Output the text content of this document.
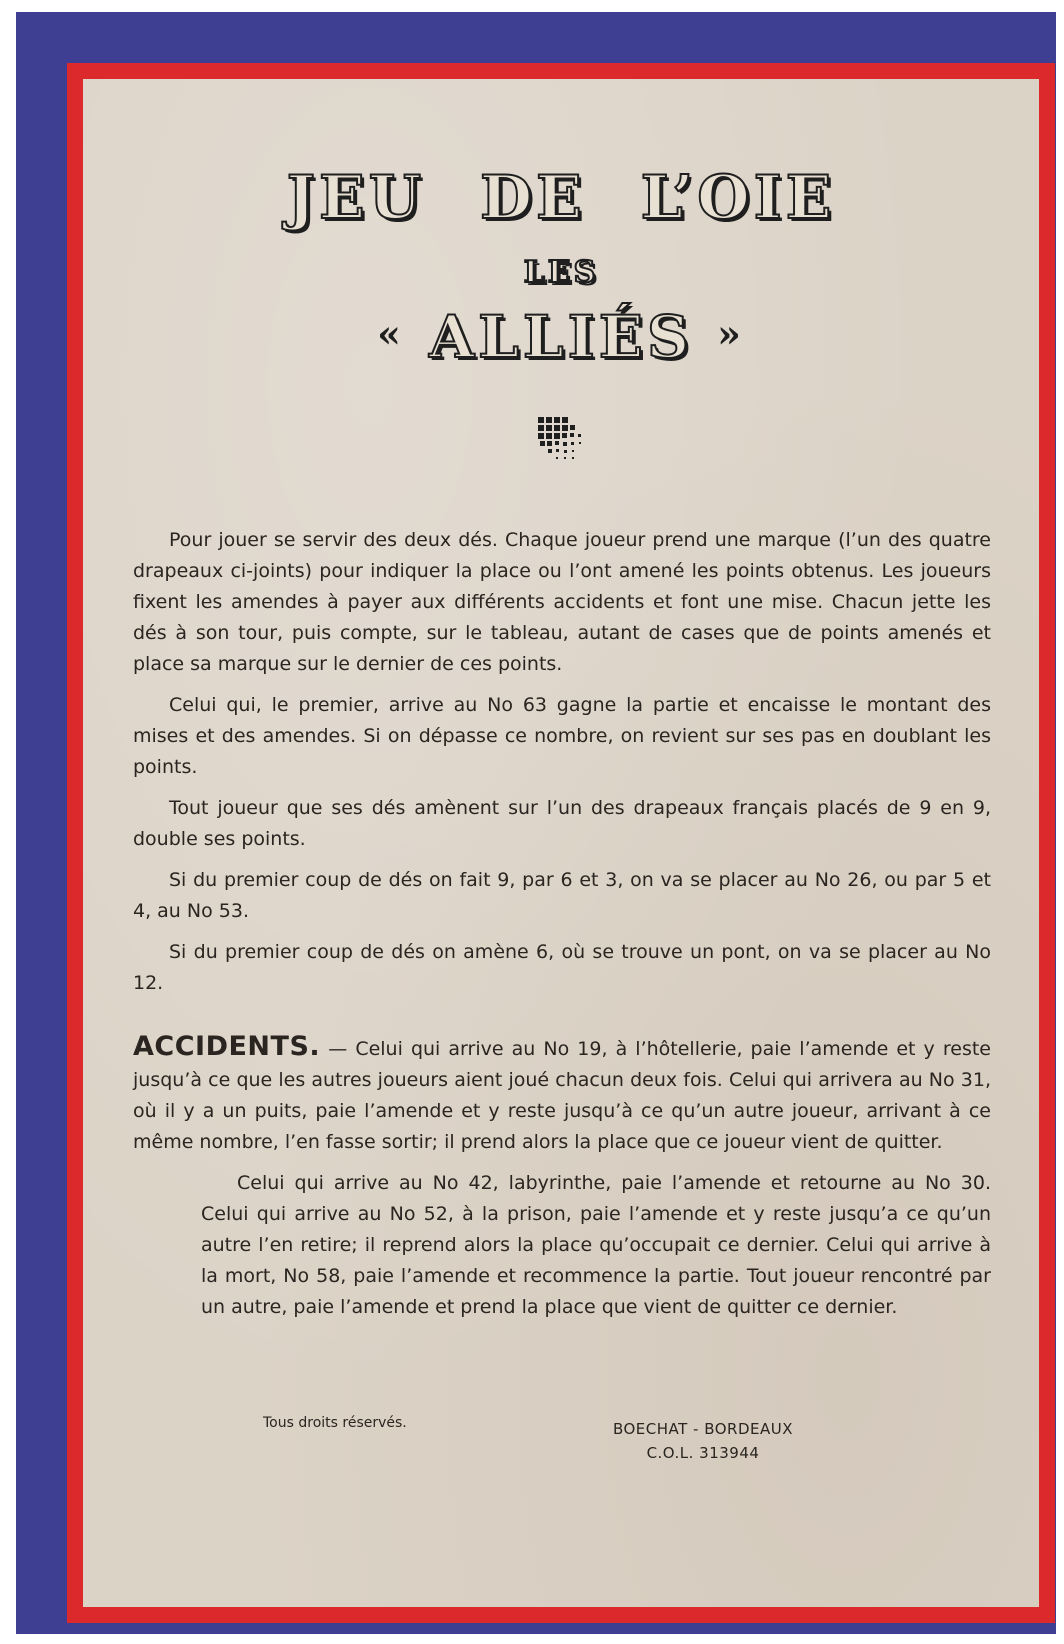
JEU DE L’OIE
LES
« ALLIÉS »

Pour jouer se servir des deux dés. Chaque joueur prend une marque (l’un des quatre drapeaux ci-joints) pour indiquer la place ou l’ont amené les points obtenus. Les joueurs fixent les amendes à payer aux différents accidents et font une mise. Chacun jette les dés à son tour, puis compte, sur le tableau, autant de cases que de points amenés et place sa marque sur le dernier de ces points.

Celui qui, le premier, arrive au No 63 gagne la partie et encaisse le montant des mises et des amendes. Si on dépasse ce nombre, on revient sur ses pas en doublant les points.

Tout joueur que ses dés amènent sur l’un des drapeaux français placés de 9 en 9, double ses points.

Si du premier coup de dés on fait 9, par 6 et 3, on va se placer au No 26, ou par 5 et 4, au No 53.

Si du premier coup de dés on amène 6, où se trouve un pont, on va se placer au No 12.

ACCIDENTS. — Celui qui arrive au No 19, à l’hôtellerie, paie l’amende et y reste jusqu’à ce que les autres joueurs aient joué chacun deux fois. Celui qui arrivera au No 31, où il y a un puits, paie l’amende et y reste jusqu’à ce qu’un autre joueur, arrivant à ce même nombre, l’en fasse sortir; il prend alors la place que ce joueur vient de quitter.

Celui qui arrive au No 42, labyrinthe, paie l’amende et retourne au No 30. Celui qui arrive au No 52, à la prison, paie l’amende et y reste jusqu’a ce qu’un autre l’en retire; il reprend alors la place qu’occupait ce dernier. Celui qui arrive à la mort, No 58, paie l’amende et recommence la partie. Tout joueur rencontré par un autre, paie l’amende et prend la place que vient de quitter ce dernier.

Tous droits réservés.	BOECHAT - BORDEAUX
C.O.L. 313944
